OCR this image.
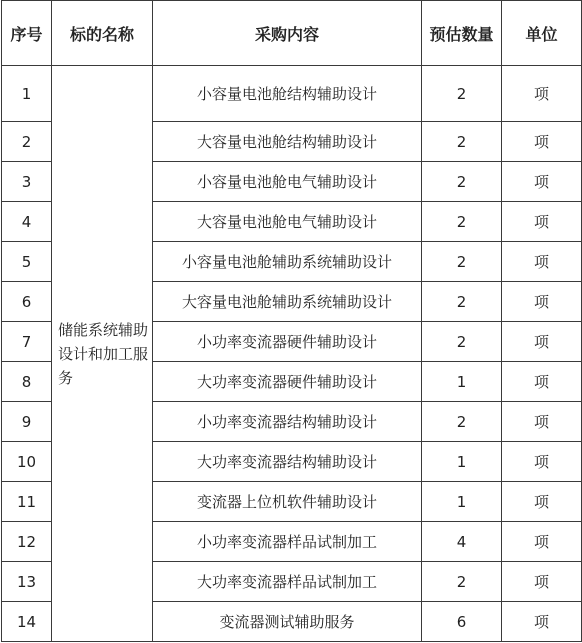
序号	标的名称	采购内容	预估数量	单位
1	储能系统辅助设计和加工服务	小容量电池舱结构辅助设计	2	项
2		大容量电池舱结构辅助设计	2	项
3		小容量电池舱电气辅助设计	2	项
4		大容量电池舱电气辅助设计	2	项
5		小容量电池舱辅助系统辅助设计	2	项
6		大容量电池舱辅助系统辅助设计	2	项
7		小功率变流器硬件辅助设计	2	项
8		大功率变流器硬件辅助设计	1	项
9		小功率变流器结构辅助设计	2	项
10		大功率变流器结构辅助设计	1	项
11		变流器上位机软件辅助设计	1	项
12		小功率变流器样品试制加工	4	项
13		大功率变流器样品试制加工	2	项
14		变流器测试辅助服务	6	项
